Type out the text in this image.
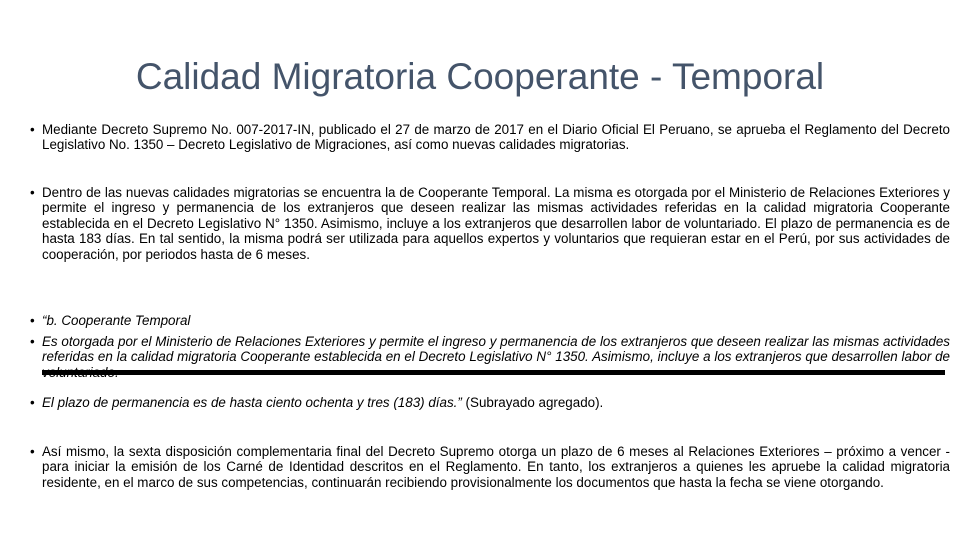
Calidad Migratoria Cooperante - Temporal
• Mediante Decreto Supremo No. 007-2017-IN, publicado el 27 de marzo de 2017 en el Diario Oficial El Peruano, se aprueba el Reglamento del Decreto Legislativo No. 1350 – Decreto Legislativo de Migraciones, así como nuevas calidades migratorias.
• Dentro de las nuevas calidades migratorias se encuentra la de Cooperante Temporal. La misma es otorgada por el Ministerio de Relaciones Exteriores y permite el ingreso y permanencia de los extranjeros que deseen realizar las mismas actividades referidas en la calidad migratoria Cooperante establecida en el Decreto Legislativo N° 1350. Asimismo, incluye a los extranjeros que desarrollen labor de voluntariado. El plazo de permanencia es de hasta 183 días. En tal sentido, la misma podrá ser utilizada para aquellos expertos y voluntarios que requieran estar en el Perú, por sus actividades de cooperación, por periodos hasta de 6 meses.
• “b. Cooperante Temporal
• Es otorgada por el Ministerio de Relaciones Exteriores y permite el ingreso y permanencia de los extranjeros que deseen realizar las mismas actividades referidas en la calidad migratoria Cooperante establecida en el Decreto Legislativo N° 1350. Asimismo, incluye a los extranjeros que desarrollen labor de
• El plazo de permanencia es de hasta ciento ochenta y tres (183) días.” (Subrayado agregado).
• Así mismo, la sexta disposición complementaria final del Decreto Supremo otorga un plazo de 6 meses al Relaciones Exteriores – próximo a vencer - para iniciar la emisión de los Carné de Identidad descritos en el Reglamento. En tanto, los extranjeros a quienes les apruebe la calidad migratoria residente, en el marco de sus competencias, continuarán recibiendo provisionalmente los documentos que hasta la fecha se viene otorgando.
